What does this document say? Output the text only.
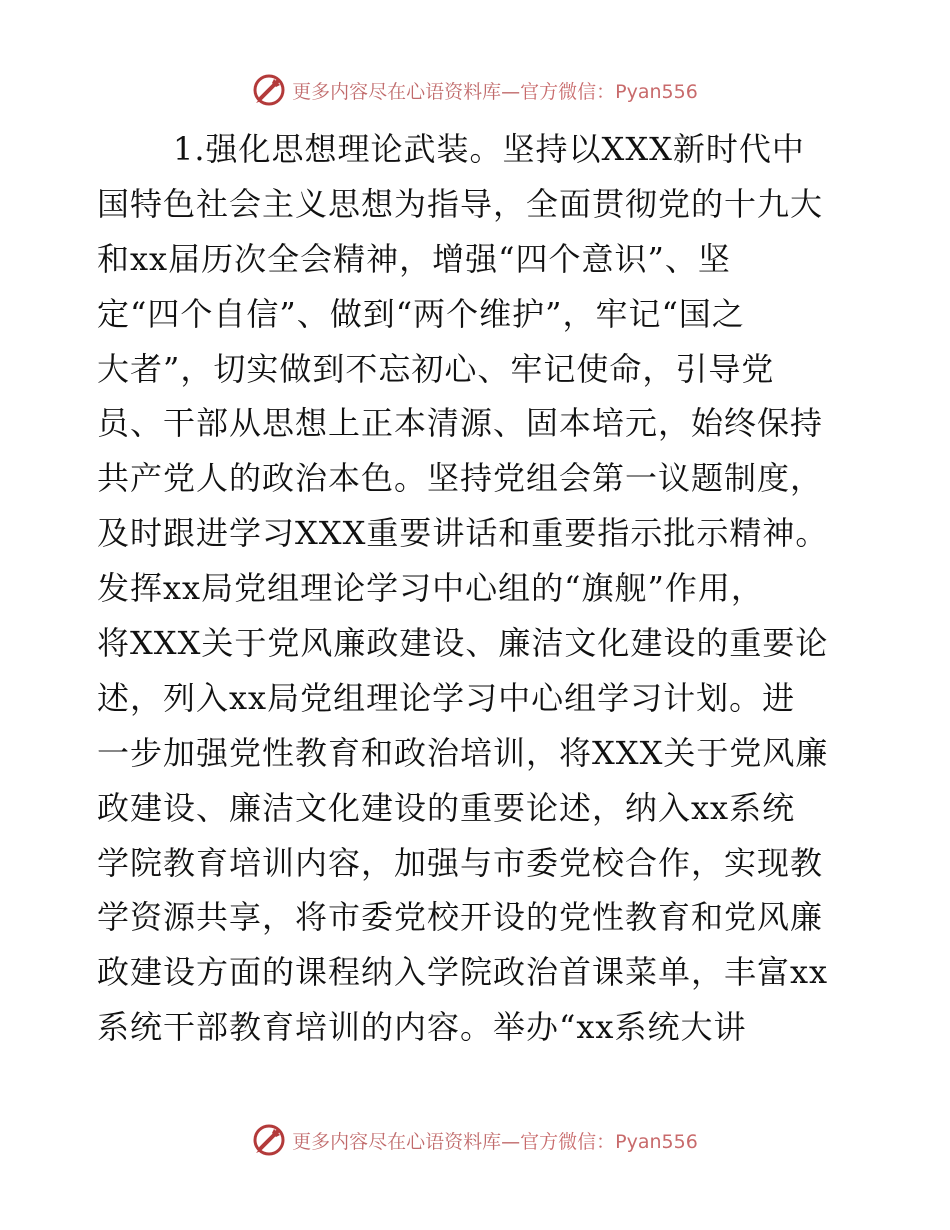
更多内容尽在心语资料库—官方微信：Pyan556
1.强化思想理论武装。坚持以XXX新时代中
国特色社会主义思想为指导，全面贯彻党的十九大
和xx届历次全会精神，增强“四个意识”、坚
定“四个自信”、做到“两个维护”，牢记“国之
大者”，切实做到不忘初心、牢记使命，引导党
员、干部从思想上正本清源、固本培元，始终保持
共产党人的政治本色。坚持党组会第一议题制度，
及时跟进学习XXX重要讲话和重要指示批示精神。
发挥xx局党组理论学习中心组的“旗舰”作用，
将XXX关于党风廉政建设、廉洁文化建设的重要论
述，列入xx局党组理论学习中心组学习计划。进
一步加强党性教育和政治培训，将XXX关于党风廉
政建设、廉洁文化建设的重要论述，纳入xx系统
学院教育培训内容，加强与市委党校合作，实现教
学资源共享，将市委党校开设的党性教育和党风廉
政建设方面的课程纳入学院政治首课菜单，丰富xx
系统干部教育培训的内容。举办“xx系统大讲
更多内容尽在心语资料库—官方微信：Pyan556
